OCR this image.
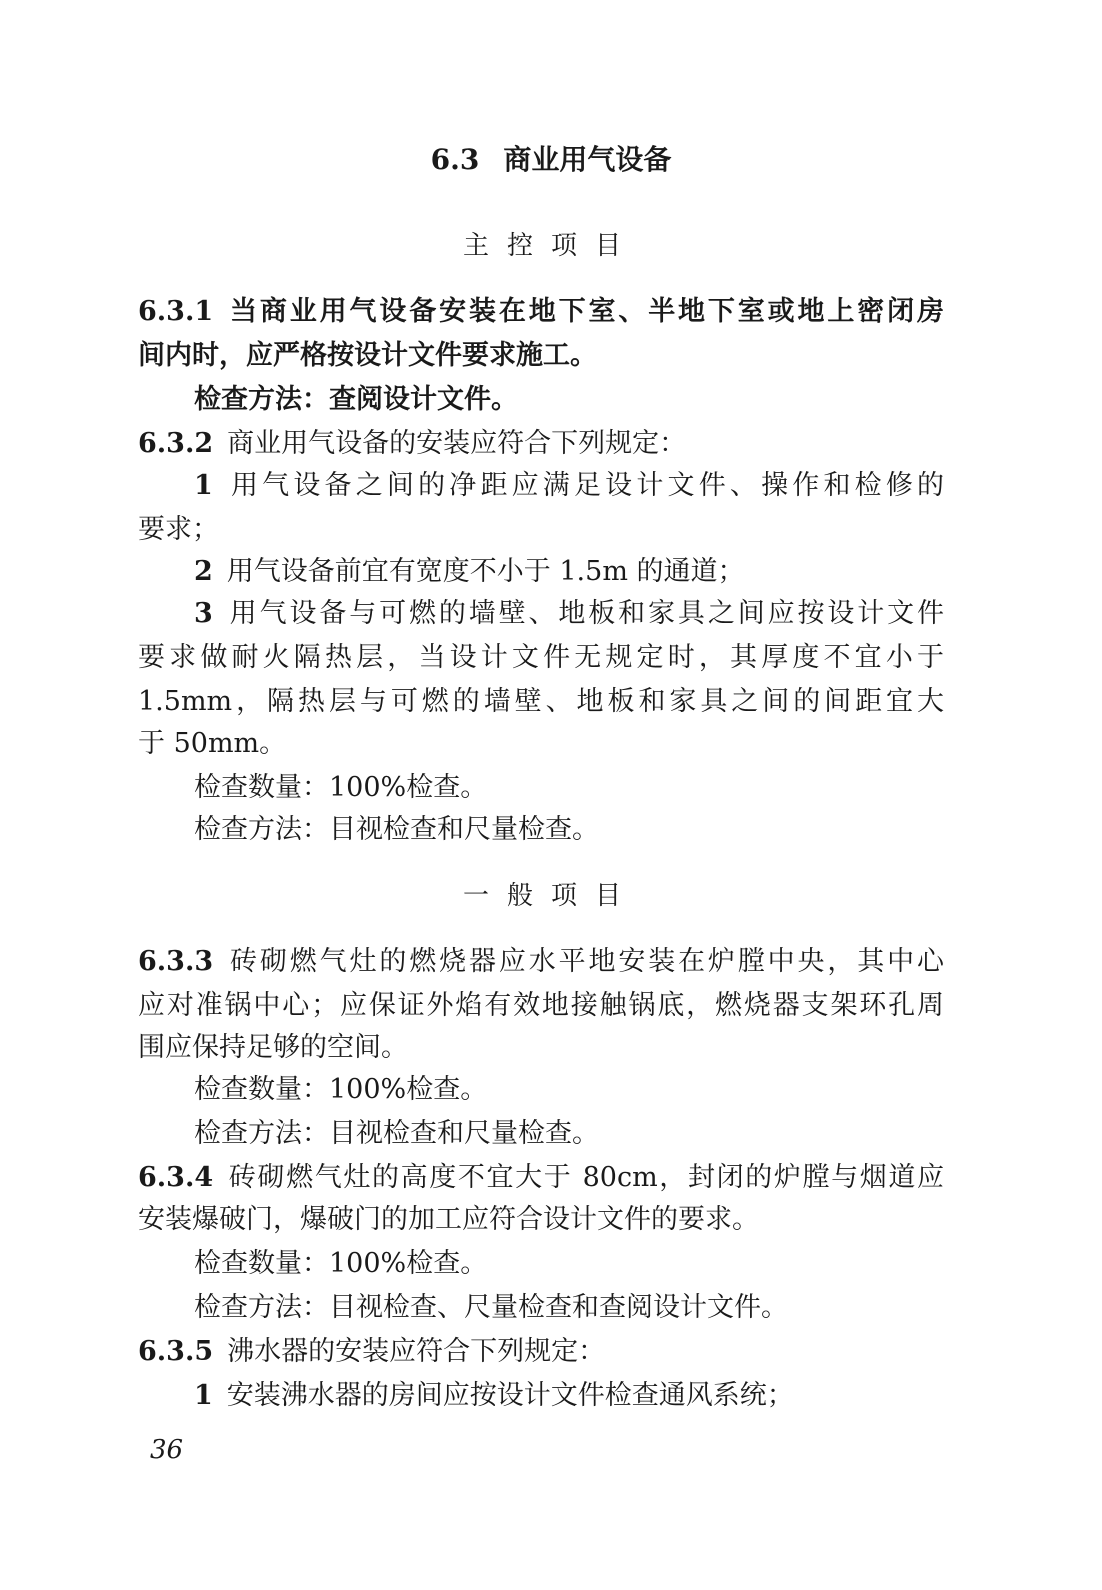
6.3 商业用气设备
主控项目
6.3.1 当商业用气设备安装在地下室、半地下室或地上密闭房
间内时，应严格按设计文件要求施工。
检查方法：查阅设计文件。
6.3.2 商业用气设备的安装应符合下列规定：
1 用气设备之间的净距应满足设计文件、操作和检修的
要求；
2 用气设备前宜有宽度不小于 1.5m 的通道；
3 用气设备与可燃的墙壁、地板和家具之间应按设计文件
要求做耐火隔热层，当设计文件无规定时，其厚度不宜小于
1.5mm，隔热层与可燃的墙壁、地板和家具之间的间距宜大
于 50mm。
检查数量：100%检查。
检查方法：目视检查和尺量检查。
一般项目
6.3.3 砖砌燃气灶的燃烧器应水平地安装在炉膛中央，其中心
应对准锅中心；应保证外焰有效地接触锅底，燃烧器支架环孔周
围应保持足够的空间。
检查数量：100%检查。
检查方法：目视检查和尺量检查。
6.3.4 砖砌燃气灶的高度不宜大于 80cm，封闭的炉膛与烟道应
安装爆破门，爆破门的加工应符合设计文件的要求。
检查数量：100%检查。
检查方法：目视检查、尺量检查和查阅设计文件。
6.3.5 沸水器的安装应符合下列规定：
1 安装沸水器的房间应按设计文件检查通风系统；
36
